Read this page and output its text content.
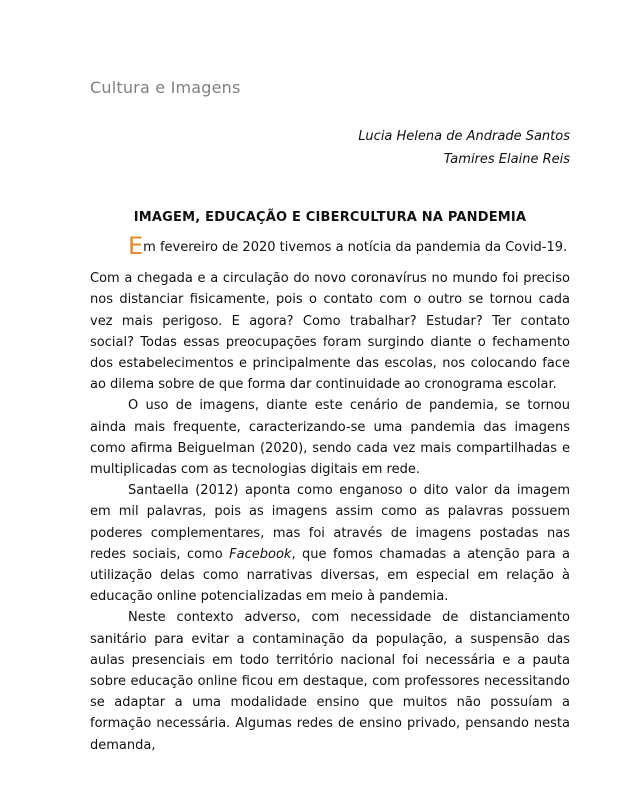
Cultura e Imagens
Lucia Helena de Andrade Santos
Tamires Elaine Reis
IMAGEM, EDUCAÇÃO E CIBERCULTURA NA PANDEMIA

Em fevereiro de 2020 tivemos a notícia da pandemia da Covid-19.

Com a chegada e a circulação do novo coronavírus no mundo foi preciso nos distanciar fisicamente, pois o contato com o outro se tornou cada vez mais perigoso. E agora? Como trabalhar? Estudar? Ter contato social? Todas essas preocupações foram surgindo diante o fechamento dos estabelecimentos e principalmente das escolas, nos colocando face ao dilema sobre de que forma dar continuidade ao cronograma escolar.

O uso de imagens, diante este cenário de pandemia, se tornou ainda mais frequente, caracterizando-se uma pandemia das imagens como afirma Beiguelman (2020), sendo cada vez mais compartilhadas e multiplicadas com as tecnologias digitais em rede.

Santaella (2012) aponta como enganoso o dito valor da imagem em mil palavras, pois as imagens assim como as palavras possuem poderes complementares, mas foi através de imagens postadas nas redes sociais, como Facebook, que fomos chamadas a atenção para a utilização delas como narrativas diversas, em especial em relação à educação online potencializadas em meio à pandemia.

Neste contexto adverso, com necessidade de distanciamento sanitário para evitar a contaminação da população, a suspensão das aulas presenciais em todo território nacional foi necessária e a pauta sobre educação online ficou em destaque, com professores necessitando se adaptar a uma modalidade ensino que muitos não possuíam a formação necessária. Algumas redes de ensino privado, pensando nesta demanda,
